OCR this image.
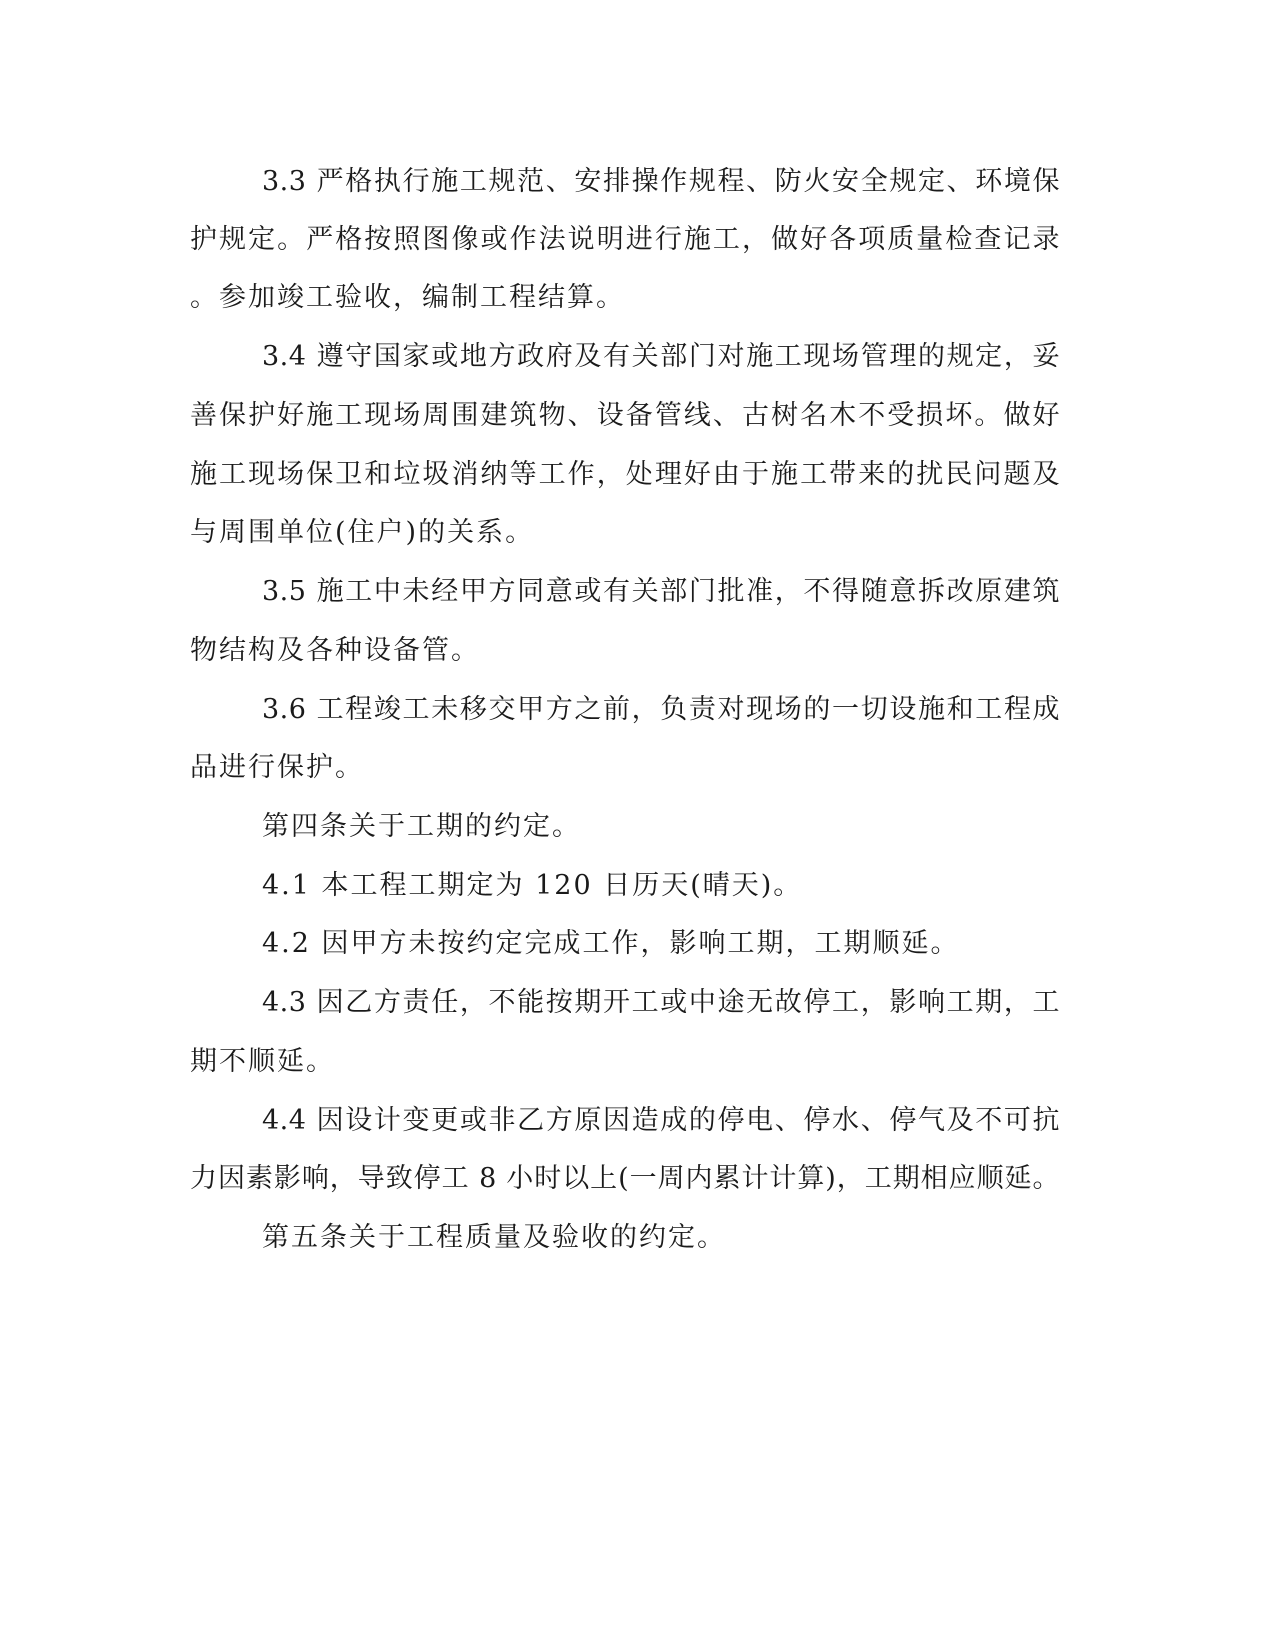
3.3 严格执行施工规范、安排操作规程、防火安全规定、环境保
护规定。严格按照图像或作法说明进行施工，做好各项质量检查记录
。参加竣工验收，编制工程结算。
3.4 遵守国家或地方政府及有关部门对施工现场管理的规定，妥
善保护好施工现场周围建筑物、设备管线、古树名木不受损坏。做好
施工现场保卫和垃圾消纳等工作，处理好由于施工带来的扰民问题及
与周围单位(住户)的关系。
3.5 施工中未经甲方同意或有关部门批准，不得随意拆改原建筑
物结构及各种设备管。
3.6 工程竣工未移交甲方之前，负责对现场的一切设施和工程成
品进行保护。
第四条关于工期的约定。
4.1 本工程工期定为 120 日历天(晴天)。
4.2 因甲方未按约定完成工作，影响工期，工期顺延。
4.3 因乙方责任，不能按期开工或中途无故停工，影响工期，工
期不顺延。
4.4 因设计变更或非乙方原因造成的停电、停水、停气及不可抗
力因素影响，导致停工 8 小时以上(一周内累计计算)，工期相应顺延。
第五条关于工程质量及验收的约定。
